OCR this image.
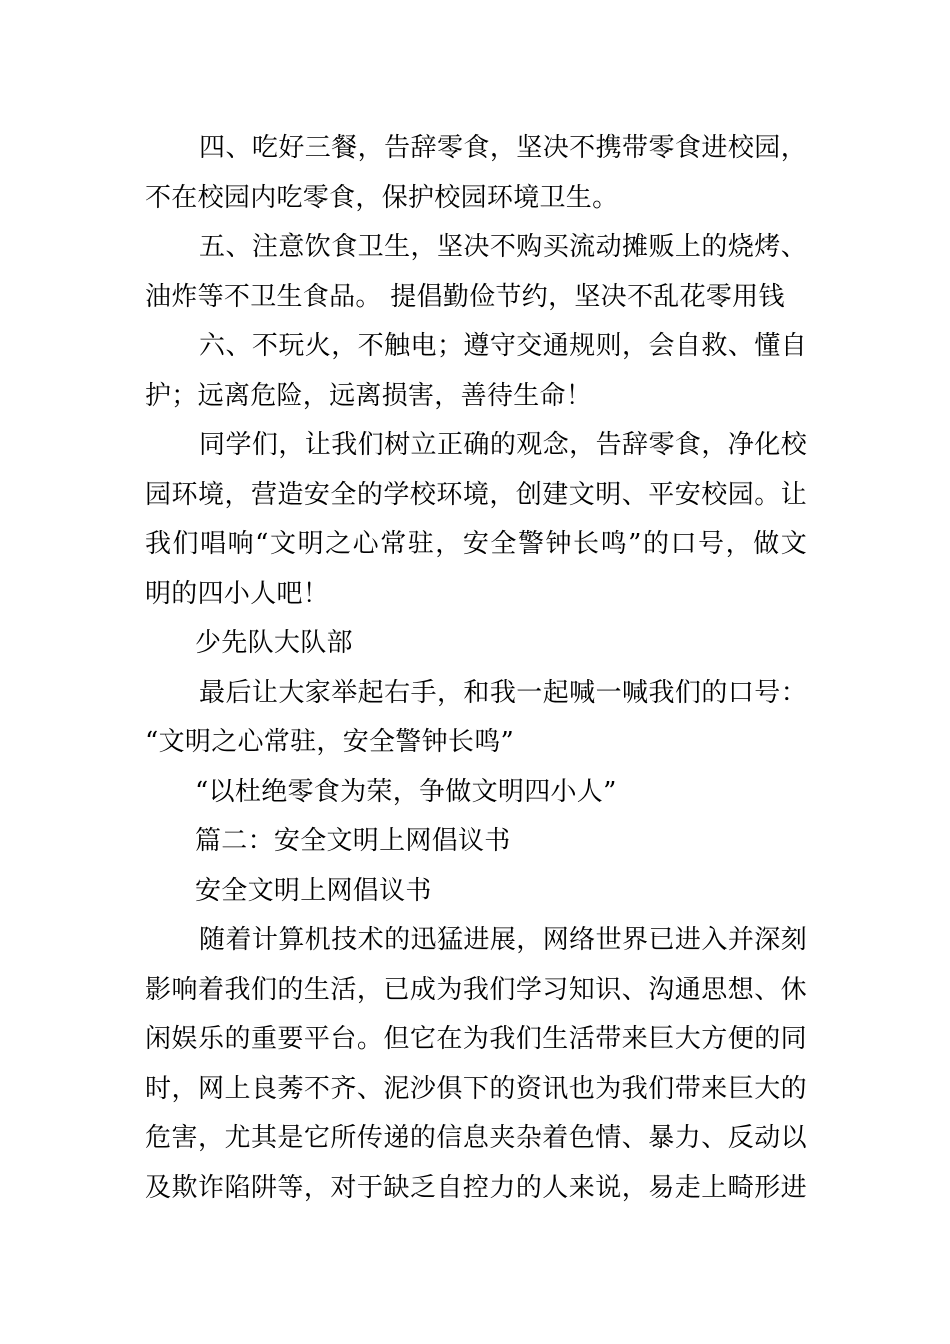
四、吃好三餐，告辞零食，坚决不携带零食进校园，
不在校园内吃零食，保护校园环境卫生。
五、注意饮食卫生，坚决不购买流动摊贩上的烧烤、
油炸等不卫生食品。 提倡勤俭节约，坚决不乱花零用钱
六、不玩火，不触电；遵守交通规则，会自救、懂自
护；远离危险，远离损害，善待生命！
同学们，让我们树立正确的观念，告辞零食，净化校
园环境，营造安全的学校环境，创建文明、平安校园。让
我们唱响“文明之心常驻，安全警钟长鸣”的口号，做文
明的四小人吧！
少先队大队部
最后让大家举起右手，和我一起喊一喊我们的口号：
“文明之心常驻，安全警钟长鸣”
“以杜绝零食为荣，争做文明四小人”
篇二：安全文明上网倡议书
安全文明上网倡议书
随着计算机技术的迅猛进展，网络世界已进入并深刻
影响着我们的生活，已成为我们学习知识、沟通思想、休
闲娱乐的重要平台。但它在为我们生活带来巨大方便的同
时，网上良莠不齐、泥沙俱下的资讯也为我们带来巨大的
危害，尤其是它所传递的信息夹杂着色情、暴力、反动以
及欺诈陷阱等，对于缺乏自控力的人来说，易走上畸形进
